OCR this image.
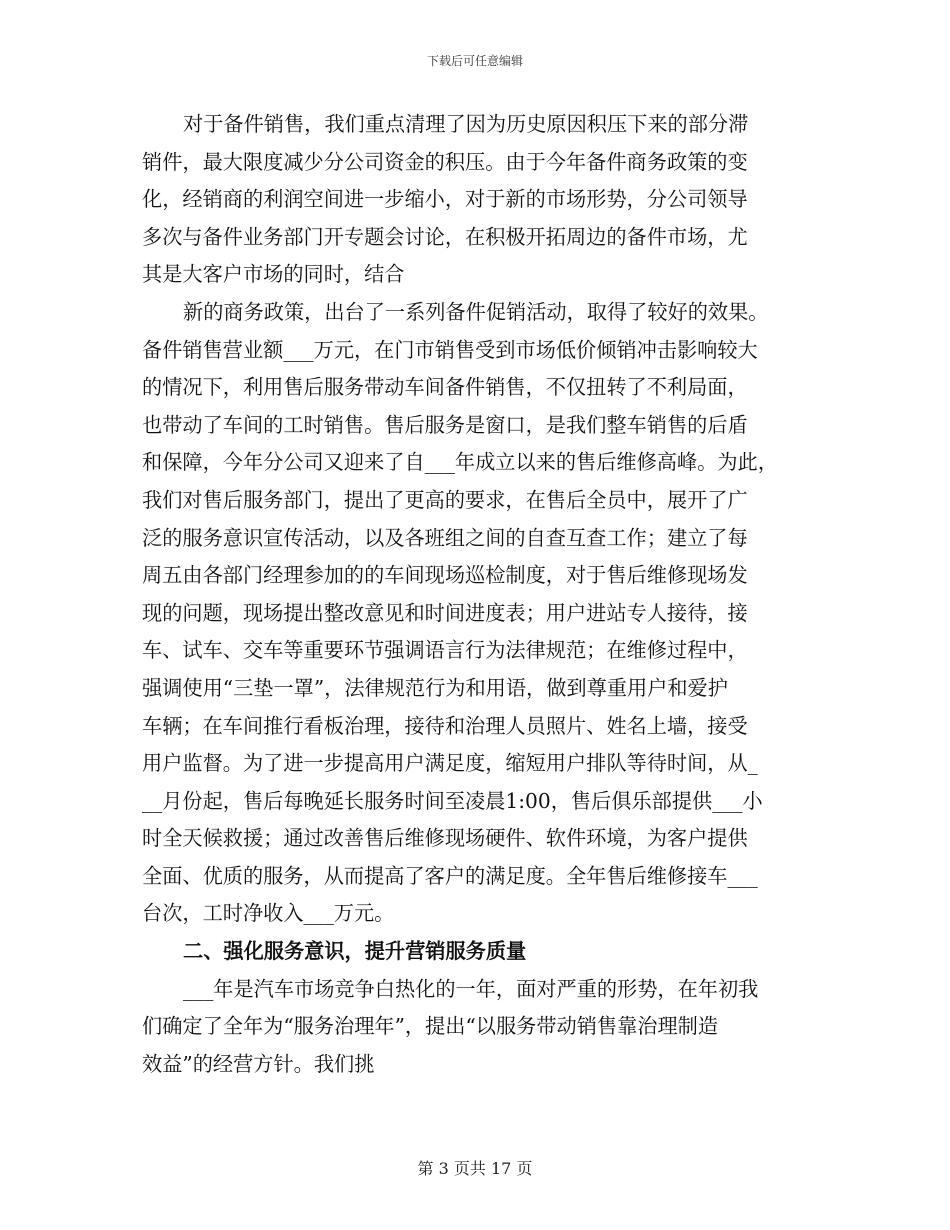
下载后可任意编辑
对于备件销售，我们重点清理了因为历史原因积压下来的部分滞
销件，最大限度减少分公司资金的积压。由于今年备件商务政策的变
化，经销商的利润空间进一步缩小，对于新的市场形势，分公司领导
多次与备件业务部门开专题会讨论，在积极开拓周边的备件市场，尤
其是大客户市场的同时，结合
新的商务政策，出台了一系列备件促销活动，取得了较好的效果。
备件销售营业额___万元，在门市销售受到市场低价倾销冲击影响较大
的情况下，利用售后服务带动车间备件销售，不仅扭转了不利局面，
也带动了车间的工时销售。售后服务是窗口，是我们整车销售的后盾
和保障，今年分公司又迎来了自___年成立以来的售后维修高峰。为此，
我们对售后服务部门，提出了更高的要求，在售后全员中，展开了广
泛的服务意识宣传活动，以及各班组之间的自查互查工作；建立了每
周五由各部门经理参加的的车间现场巡检制度，对于售后维修现场发
现的问题，现场提出整改意见和时间进度表；用户进站专人接待，接
车、试车、交车等重要环节强调语言行为法律规范；在维修过程中，
强调使用“三垫一罩”，法律规范行为和用语，做到尊重用户和爱护
车辆；在车间推行看板治理，接待和治理人员照片、姓名上墙，接受
用户监督。为了进一步提高用户满足度，缩短用户排队等待时间，从_
__月份起，售后每晚延长服务时间至凌晨1:00，售后俱乐部提供___小
时全天候救援；通过改善售后维修现场硬件、软件环境，为客户提供
全面、优质的服务，从而提高了客户的满足度。全年售后维修接车___
台次，工时净收入___万元。
二、强化服务意识，提升营销服务质量
___年是汽车市场竞争白热化的一年，面对严重的形势，在年初我
们确定了全年为“服务治理年”，提出“以服务带动销售靠治理制造
效益”的经营方针。我们挑
第 3 页共 17 页
